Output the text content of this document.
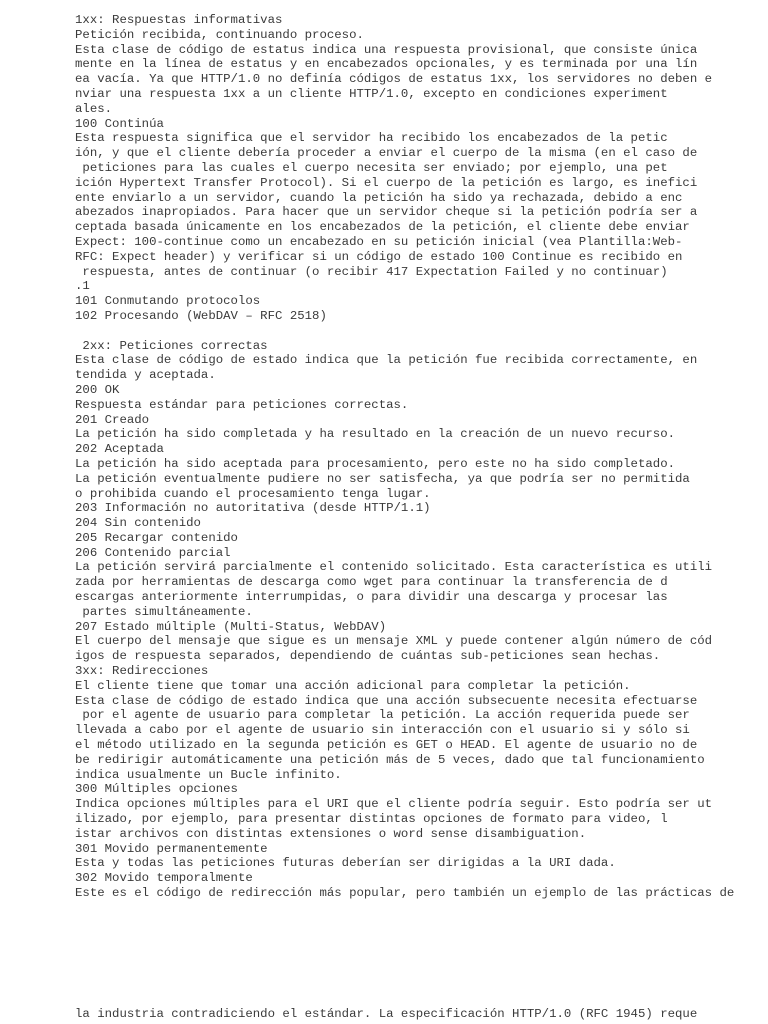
1xx: Respuestas informativas
Petición recibida, continuando proceso.
Esta clase de código de estatus indica una respuesta provisional, que consiste única
mente en la línea de estatus y en encabezados opcionales, y es terminada por una lín
ea vacía. Ya que HTTP/1.0 no definía códigos de estatus 1xx, los servidores no deben e
nviar una respuesta 1xx a un cliente HTTP/1.0, excepto en condiciones experiment
ales.
100 Continúa
Esta respuesta significa que el servidor ha recibido los encabezados de la petic
ión, y que el cliente debería proceder a enviar el cuerpo de la misma (en el caso de
peticiones para las cuales el cuerpo necesita ser enviado; por ejemplo, una pet
ición Hypertext Transfer Protocol). Si el cuerpo de la petición es largo, es inefici
ente enviarlo a un servidor, cuando la petición ha sido ya rechazada, debido a enc
abezados inapropiados. Para hacer que un servidor cheque si la petición podría ser a
ceptada basada únicamente en los encabezados de la petición, el cliente debe enviar
Expect: 100-continue como un encabezado en su petición inicial (vea Plantilla:Web-
RFC: Expect header) y verificar si un código de estado 100 Continue es recibido en
respuesta, antes de continuar (o recibir 417 Expectation Failed y no continuar)
.1
101 Conmutando protocolos
102 Procesando (WebDAV – RFC 2518)
2xx: Peticiones correctas
Esta clase de código de estado indica que la petición fue recibida correctamente, en
tendida y aceptada.
200 OK
Respuesta estándar para peticiones correctas.
201 Creado
La petición ha sido completada y ha resultado en la creación de un nuevo recurso.
202 Aceptada
La petición ha sido aceptada para procesamiento, pero este no ha sido completado.
La petición eventualmente pudiere no ser satisfecha, ya que podría ser no permitida
o prohibida cuando el procesamiento tenga lugar.
203 Información no autoritativa (desde HTTP/1.1)
204 Sin contenido
205 Recargar contenido
206 Contenido parcial
La petición servirá parcialmente el contenido solicitado. Esta característica es utili
zada por herramientas de descarga como wget para continuar la transferencia de d
escargas anteriormente interrumpidas, o para dividir una descarga y procesar las
partes simultáneamente.
207 Estado múltiple (Multi-Status, WebDAV)
El cuerpo del mensaje que sigue es un mensaje XML y puede contener algún número de cód
igos de respuesta separados, dependiendo de cuántas sub-peticiones sean hechas.
3xx: Redirecciones
El cliente tiene que tomar una acción adicional para completar la petición.
Esta clase de código de estado indica que una acción subsecuente necesita efectuarse
por el agente de usuario para completar la petición. La acción requerida puede ser
llevada a cabo por el agente de usuario sin interacción con el usuario si y sólo si
el método utilizado en la segunda petición es GET o HEAD. El agente de usuario no de
be redirigir automáticamente una petición más de 5 veces, dado que tal funcionamiento
indica usualmente un Bucle infinito.
300 Múltiples opciones
Indica opciones múltiples para el URI que el cliente podría seguir. Esto podría ser ut
ilizado, por ejemplo, para presentar distintas opciones de formato para video, l
istar archivos con distintas extensiones o word sense disambiguation.
301 Movido permanentemente
Esta y todas las peticiones futuras deberían ser dirigidas a la URI dada.
302 Movido temporalmente
Este es el código de redirección más popular, pero también un ejemplo de las prácticas de
la industria contradiciendo el estándar. La especificación HTTP/1.0 (RFC 1945) reque
